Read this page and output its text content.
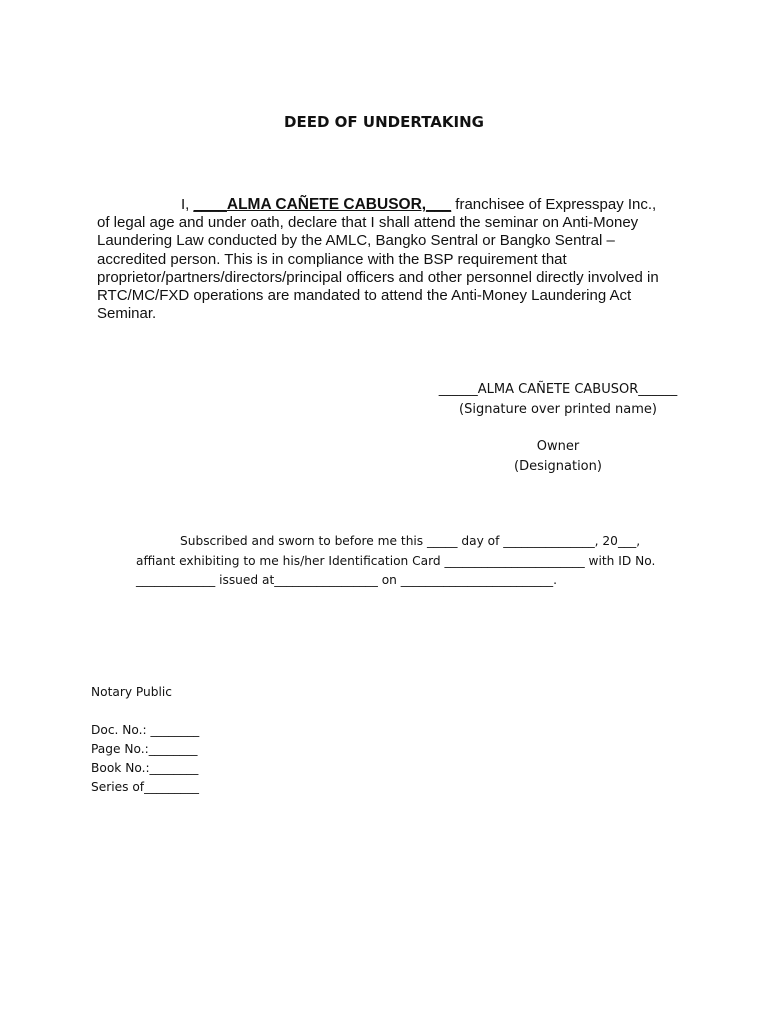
DEED OF UNDERTAKING
I, ____ALMA CAÑETE CABUSOR,___ franchisee of Expresspay Inc., of legal age and under oath, declare that I shall attend the seminar on Anti-Money Laundering Law conducted by the AMLC, Bangko Sentral or Bangko Sentral – accredited person. This is in compliance with the BSP requirement that proprietor/partners/directors/principal officers and other personnel directly involved in RTC/MC/FXD operations are mandated to attend the Anti-Money Laundering Act Seminar.
______ALMA CAÑETE CABUSOR______
(Signature over printed name)
Owner
(Designation)
Subscribed and sworn to before me this _____ day of _______________, 20___,
affiant exhibiting to me his/her Identification Card _______________________ with ID No.
_____________ issued at_________________ on _________________________.
Notary Public
Doc. No.: ________
Page No.:________
Book No.:________
Series of_________
